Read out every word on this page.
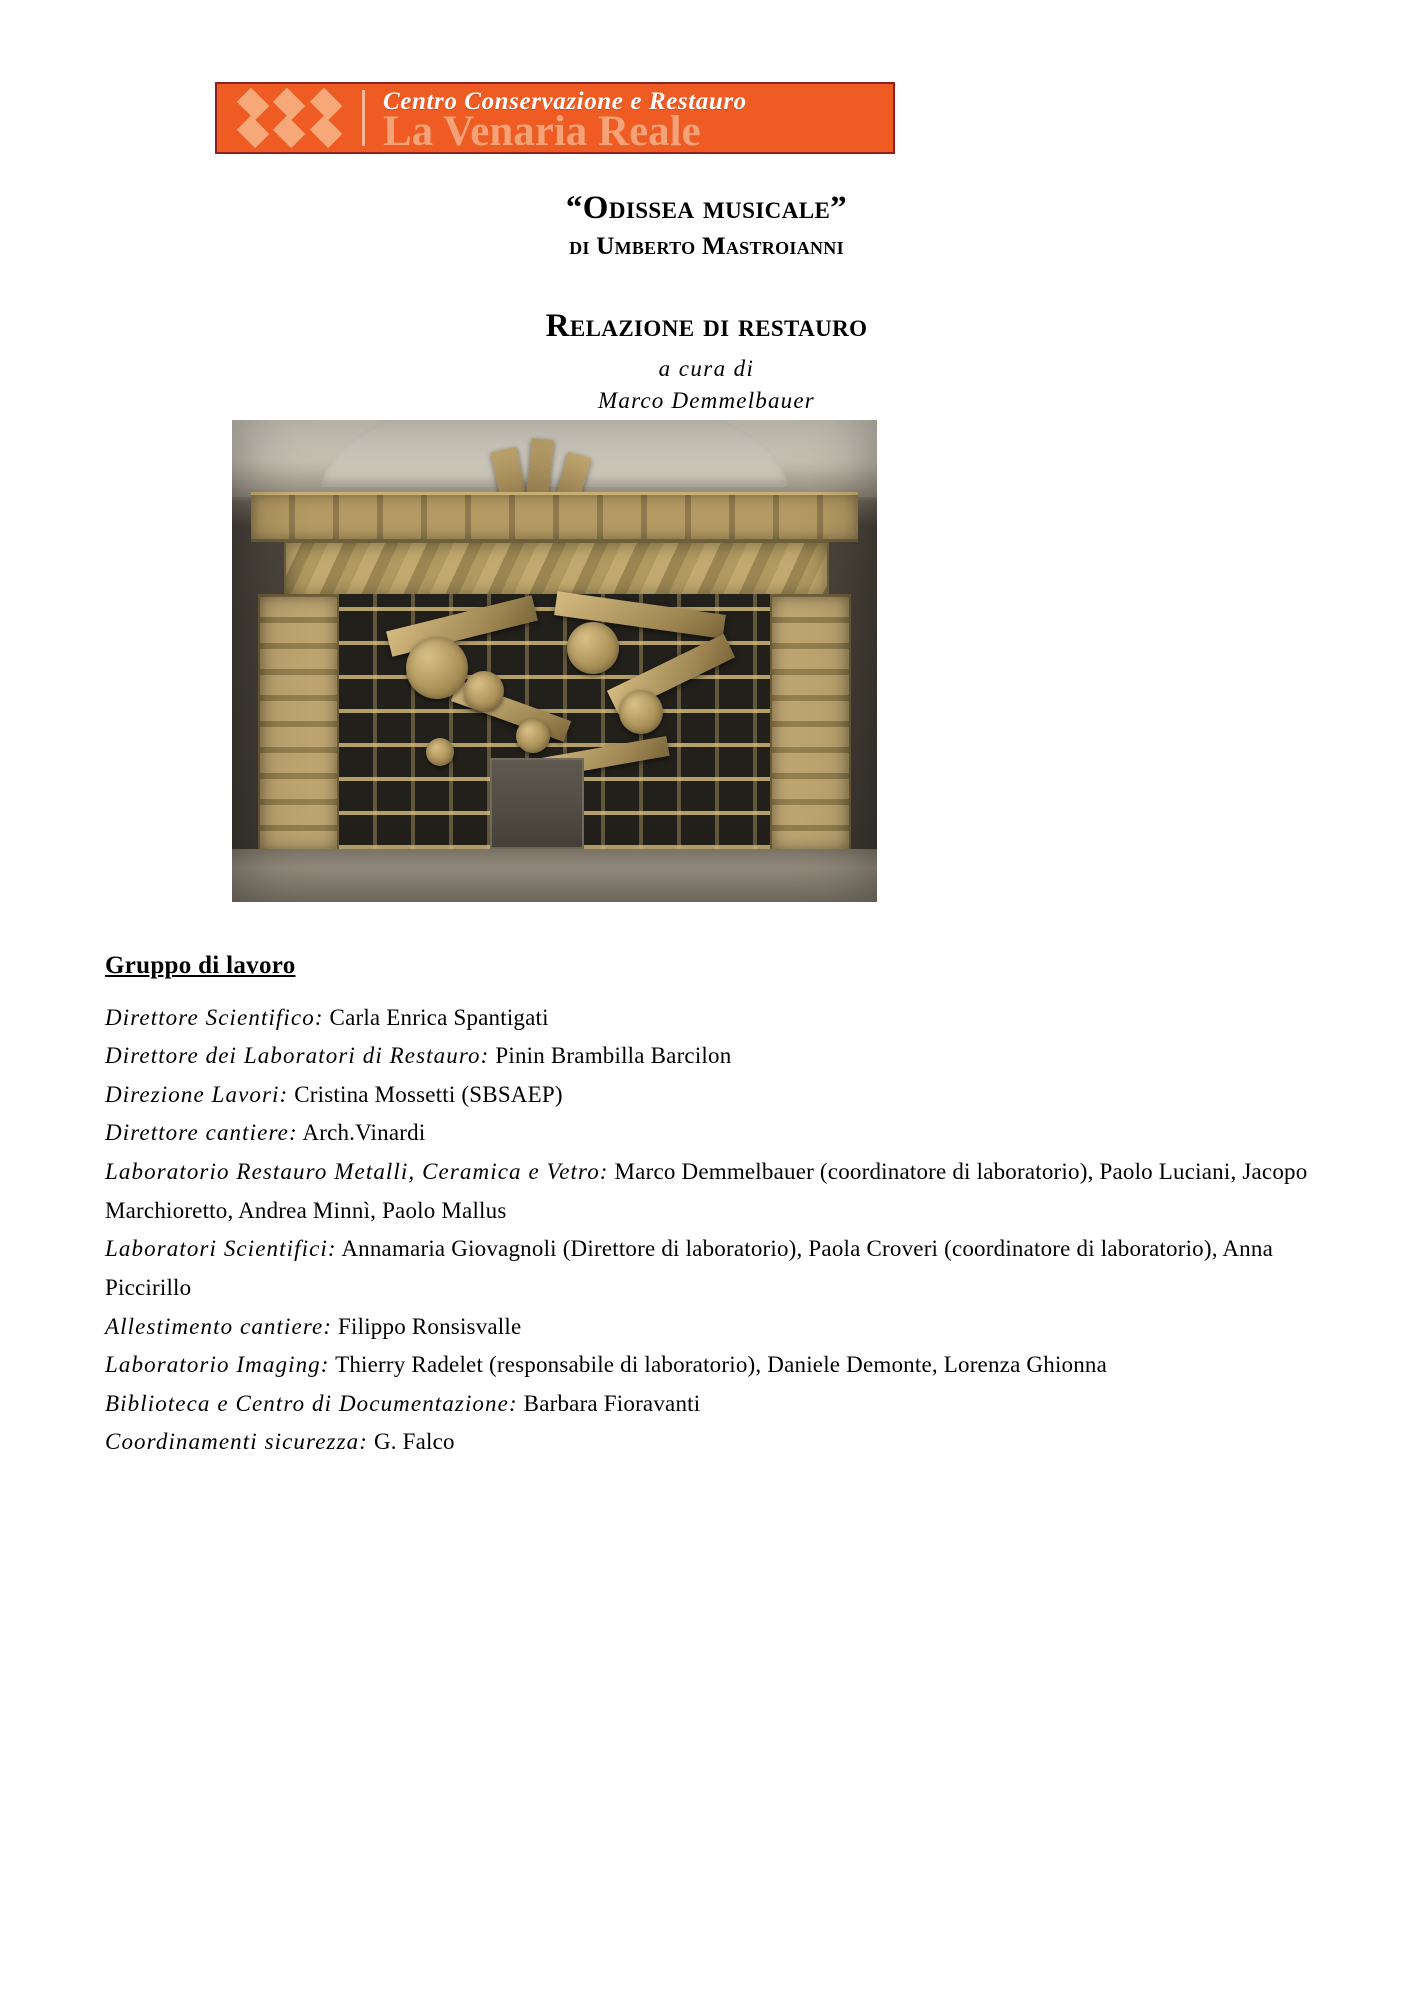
Centro Conservazione e Restauro
La Venaria Reale
“Odissea musicale”
di Umberto Mastroianni
Relazione di restauro

a cura di

Marco Demmelbauer

Gruppo di lavoro

Direttore Scientifico: Carla Enrica Spantigati

Direttore dei Laboratori di Restauro: Pinin Brambilla Barcilon

Direzione Lavori: Cristina Mossetti (SBSAEP)

Direttore cantiere: Arch.Vinardi

Laboratorio Restauro Metalli, Ceramica e Vetro: Marco Demmelbauer (coordinatore di laboratorio), Paolo Luciani, Jacopo Marchioretto, Andrea Minnì, Paolo Mallus

Laboratori Scientifici: Annamaria Giovagnoli (Direttore di laboratorio), Paola Croveri (coordinatore di laboratorio), Anna Piccirillo

Allestimento cantiere: Filippo Ronsisvalle

Laboratorio Imaging: Thierry Radelet (responsabile di laboratorio), Daniele Demonte, Lorenza Ghionna

Biblioteca e Centro di Documentazione: Barbara Fioravanti

Coordinamenti sicurezza: G. Falco
